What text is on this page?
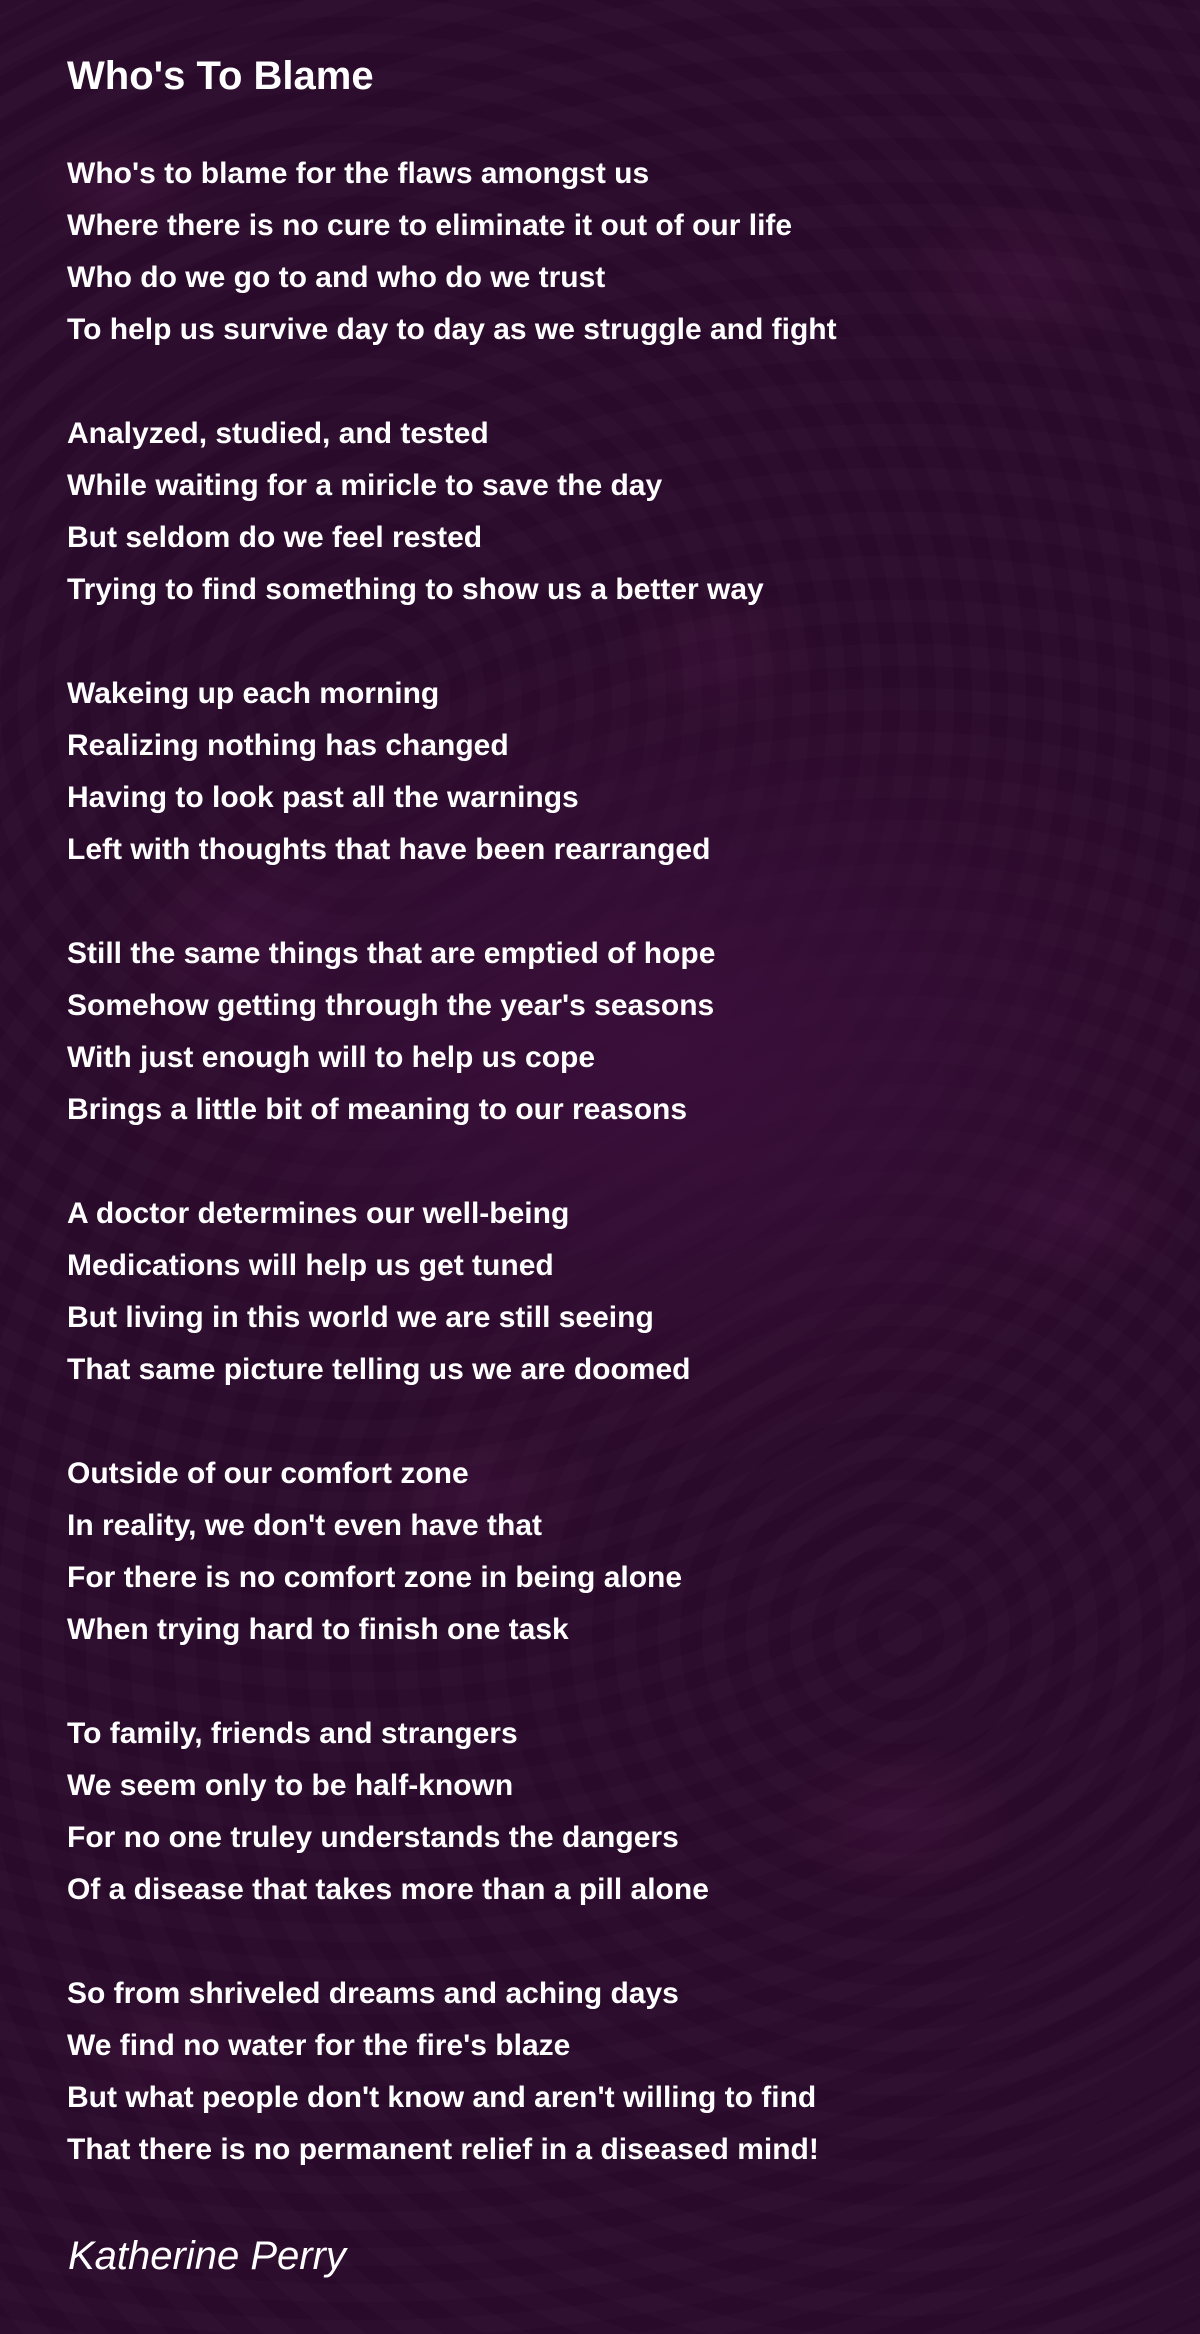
Who's To Blame
Who's to blame for the flaws amongst us
Where there is no cure to eliminate it out of our life
Who do we go to and who do we trust
To help us survive day to day as we struggle and fight
Analyzed, studied, and tested
While waiting for a miricle to save the day
But seldom do we feel rested
Trying to find something to show us a better way
Wakeing up each morning
Realizing nothing has changed
Having to look past all the warnings
Left with thoughts that have been rearranged
Still the same things that are emptied of hope
Somehow getting through the year's seasons
With just enough will to help us cope
Brings a little bit of meaning to our reasons
A doctor determines our well-being
Medications will help us get tuned
But living in this world we are still seeing
That same picture telling us we are doomed
Outside of our comfort zone
In reality, we don't even have that
For there is no comfort zone in being alone
When trying hard to finish one task
To family, friends and strangers
We seem only to be half-known
For no one truley understands the dangers
Of a disease that takes more than a pill alone
So from shriveled dreams and aching days
We find no water for the fire's blaze
But what people don't know and aren't willing to find
That there is no permanent relief in a diseased mind!
Katherine Perry
